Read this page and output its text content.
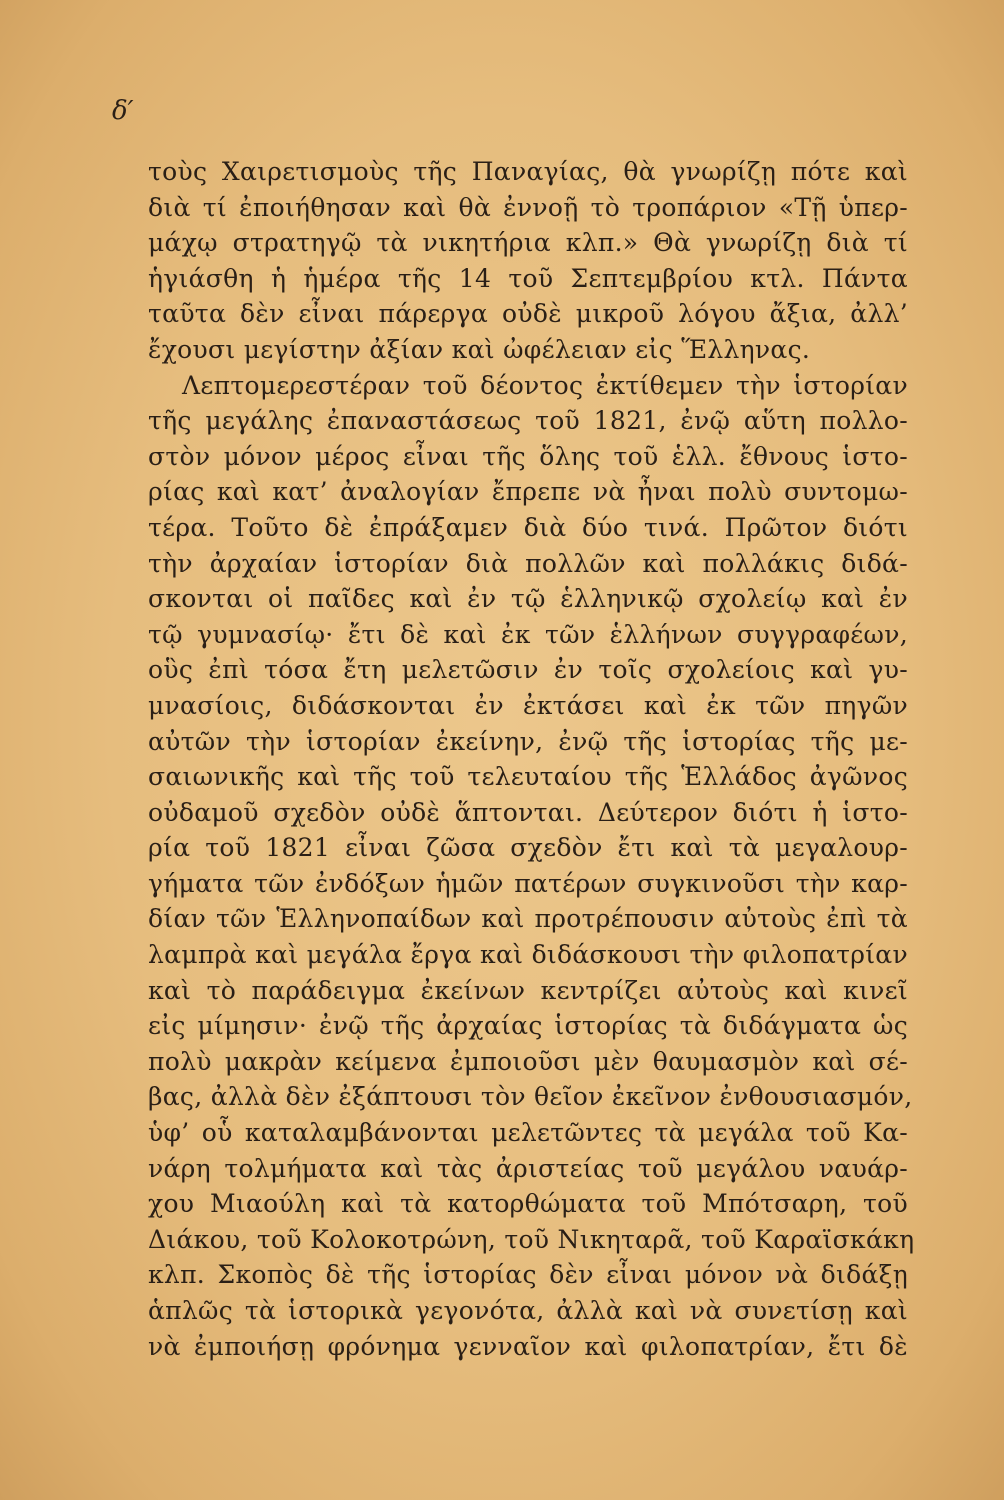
δ′
τοὺς Χαιρετισμοὺς τῆς Παναγίας, θὰ γνωρίζῃ πότε καὶ
διὰ τί ἐποιήθησαν καὶ θὰ ἐννοῇ τὸ τροπάριον «Τῇ ὑπερ-
μάχῳ στρατηγῷ τὰ νικητήρια κλπ.» Θὰ γνωρίζῃ διὰ τί
ἡγιάσθη ἡ ἡμέρα τῆς 14 τοῦ Σεπτεμβρίου κτλ. Πάντα
ταῦτα δὲν εἶναι πάρεργα οὐδὲ μικροῦ λόγου ἄξια, ἀλλ’
ἔχουσι μεγίστην ἀξίαν καὶ ὠφέλειαν εἰς Ἕλληνας.
Λεπτομερεστέραν τοῦ δέοντος ἐκτίθεμεν τὴν ἱστορίαν
τῆς μεγάλης ἐπαναστάσεως τοῦ 1821, ἐνῷ αὕτη πολλο-
στὸν μόνον μέρος εἶναι τῆς ὅλης τοῦ ἑλλ. ἔθνους ἱστο-
ρίας καὶ κατ’ ἀναλογίαν ἔπρεπε νὰ ἦναι πολὺ συντομω-
τέρα. Τοῦτο δὲ ἐπράξαμεν διὰ δύο τινά. Πρῶτον διότι
τὴν ἀρχαίαν ἱστορίαν διὰ πολλῶν καὶ πολλάκις διδά-
σκονται οἱ παῖδες καὶ ἐν τῷ ἑλληνικῷ σχολείῳ καὶ ἐν
τῷ γυμνασίῳ· ἔτι δὲ καὶ ἐκ τῶν ἑλλήνων συγγραφέων,
οὓς ἐπὶ τόσα ἔτη μελετῶσιν ἐν τοῖς σχολείοις καὶ γυ-
μνασίοις, διδάσκονται ἐν ἐκτάσει καὶ ἐκ τῶν πηγῶν
αὐτῶν τὴν ἱστορίαν ἐκείνην, ἐνῷ τῆς ἱστορίας τῆς με-
σαιωνικῆς καὶ τῆς τοῦ τελευταίου τῆς Ἑλλάδος ἀγῶνος
οὐδαμοῦ σχεδὸν οὐδὲ ἅπτονται. Δεύτερον διότι ἡ ἱστο-
ρία τοῦ 1821 εἶναι ζῶσα σχεδὸν ἔτι καὶ τὰ μεγαλουρ-
γήματα τῶν ἐνδόξων ἡμῶν πατέρων συγκινοῦσι τὴν καρ-
δίαν τῶν Ἑλληνοπαίδων καὶ προτρέπουσιν αὐτοὺς ἐπὶ τὰ
λαμπρὰ καὶ μεγάλα ἔργα καὶ διδάσκουσι τὴν φιλοπατρίαν
καὶ τὸ παράδειγμα ἐκείνων κεντρίζει αὐτοὺς καὶ κινεῖ
εἰς μίμησιν· ἐνῷ τῆς ἀρχαίας ἱστορίας τὰ διδάγματα ὡς
πολὺ μακρὰν κείμενα ἐμποιοῦσι μὲν θαυμασμὸν καὶ σέ-
βας, ἀλλὰ δὲν ἐξάπτουσι τὸν θεῖον ἐκεῖνον ἐνθουσιασμόν,
ὑφ’ οὗ καταλαμβάνονται μελετῶντες τὰ μεγάλα τοῦ Κα-
νάρη τολμήματα καὶ τὰς ἀριστείας τοῦ μεγάλου ναυάρ-
χου Μιαούλη καὶ τὰ κατορθώματα τοῦ Μπότσαρη, τοῦ
Διάκου, τοῦ Κολοκοτρώνη, τοῦ Νικηταρᾶ, τοῦ Καραϊσκάκη
κλπ. Σκοπὸς δὲ τῆς ἱστορίας δὲν εἶναι μόνον νὰ διδάξῃ
ἁπλῶς τὰ ἱστορικὰ γεγονότα, ἀλλὰ καὶ νὰ συνετίσῃ καὶ
νὰ ἐμποιήσῃ φρόνημα γενναῖον καὶ φιλοπατρίαν, ἔτι δὲ
